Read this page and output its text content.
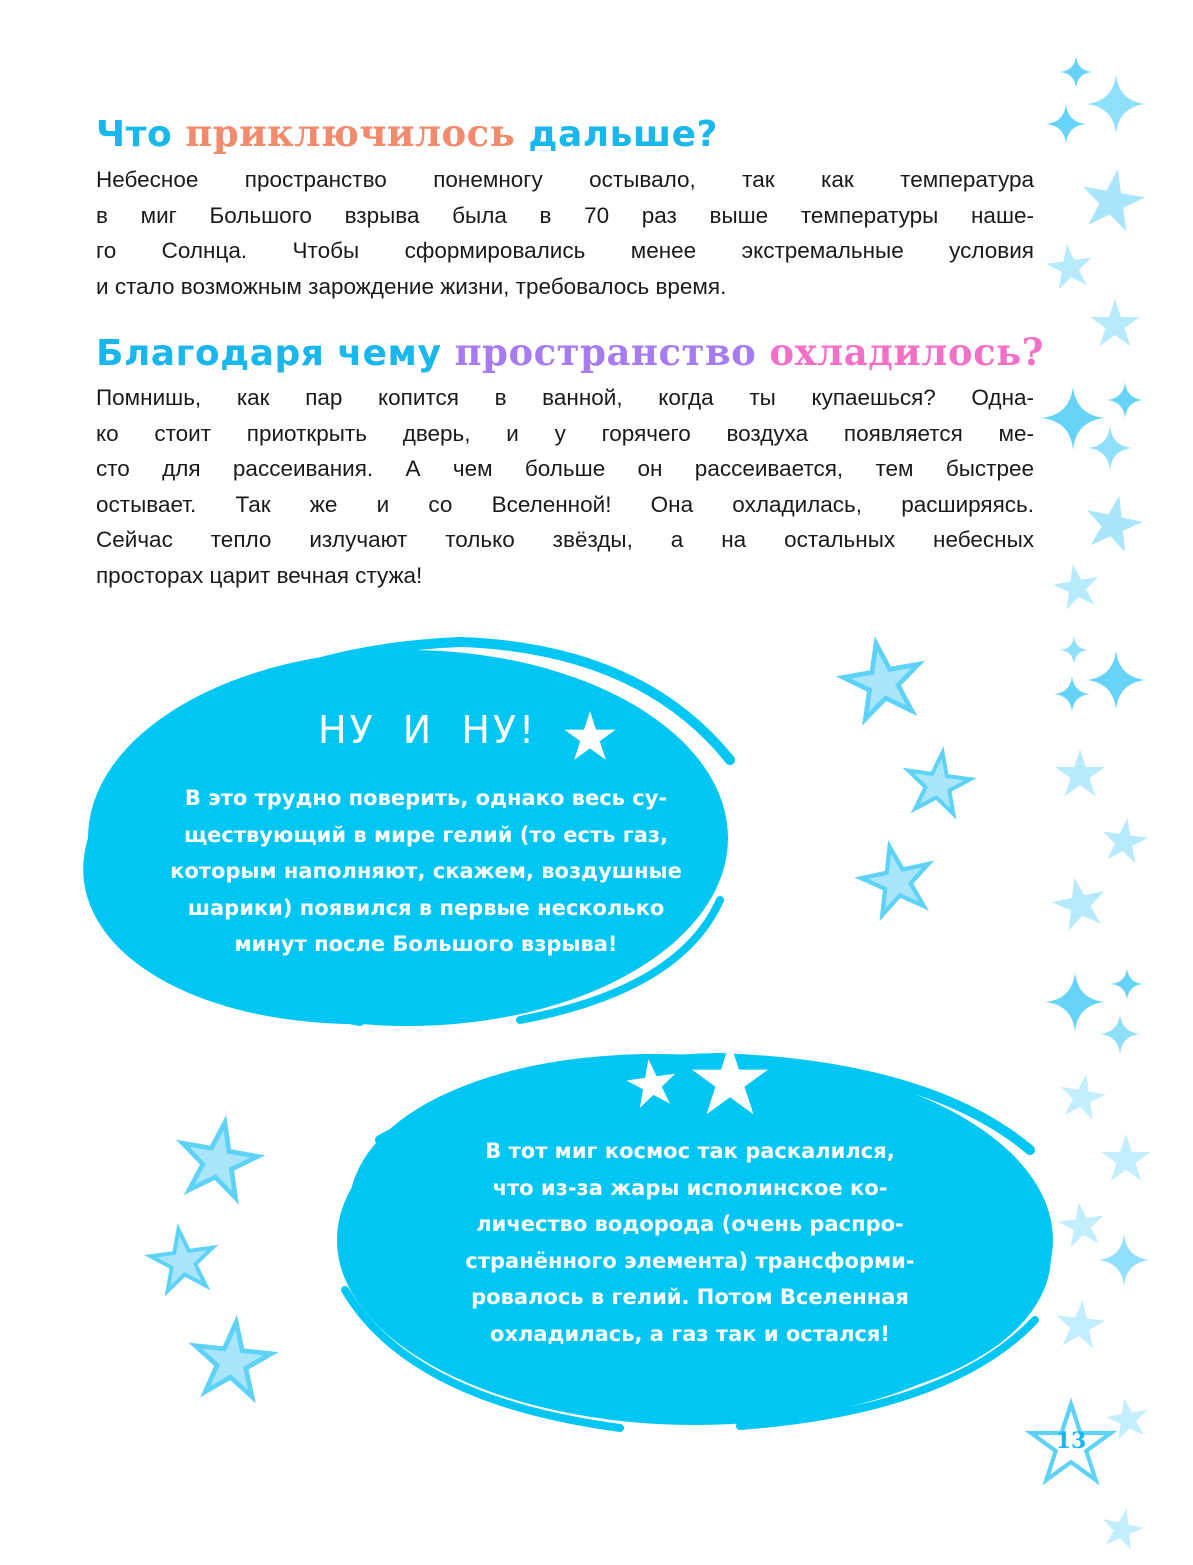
Что приключилось дальше?

Небесное пространство понемногу остывало, так как температура
в миг Большого взрыва была в 70 раз выше температуры наше-
го Солнца. Чтобы сформировались менее экстремальные условия
и стало возможным зарождение жизни, требовалось время.

Благодаря чему пространство охладилось?

Помнишь, как пар копится в ванной, когда ты купаешься? Одна-
ко стоит приоткрыть дверь, и у горячего воздуха появляется ме-
сто для рассеивания. А чем больше он рассеивается, тем быстрее
остывает. Так же и со Вселенной! Она охладилась, расширяясь.
Сейчас тепло излучают только звёзды, а на остальных небесных
просторах царит вечная стужа!

НУ И НУ!

В это трудно поверить, однако весь су-
ществующий в мире гелий (то есть газ,
которым наполняют, скажем, воздушные
шарики) появился в первые несколько
минут после Большого взрыва!

В тот миг космос так раскалился,
что из-за жары исполинское ко-
личество водорода (очень распро-
странённого элемента) трансформи-
ровалось в гелий. Потом Вселенная
охладилась, а газ так и остался!

13
